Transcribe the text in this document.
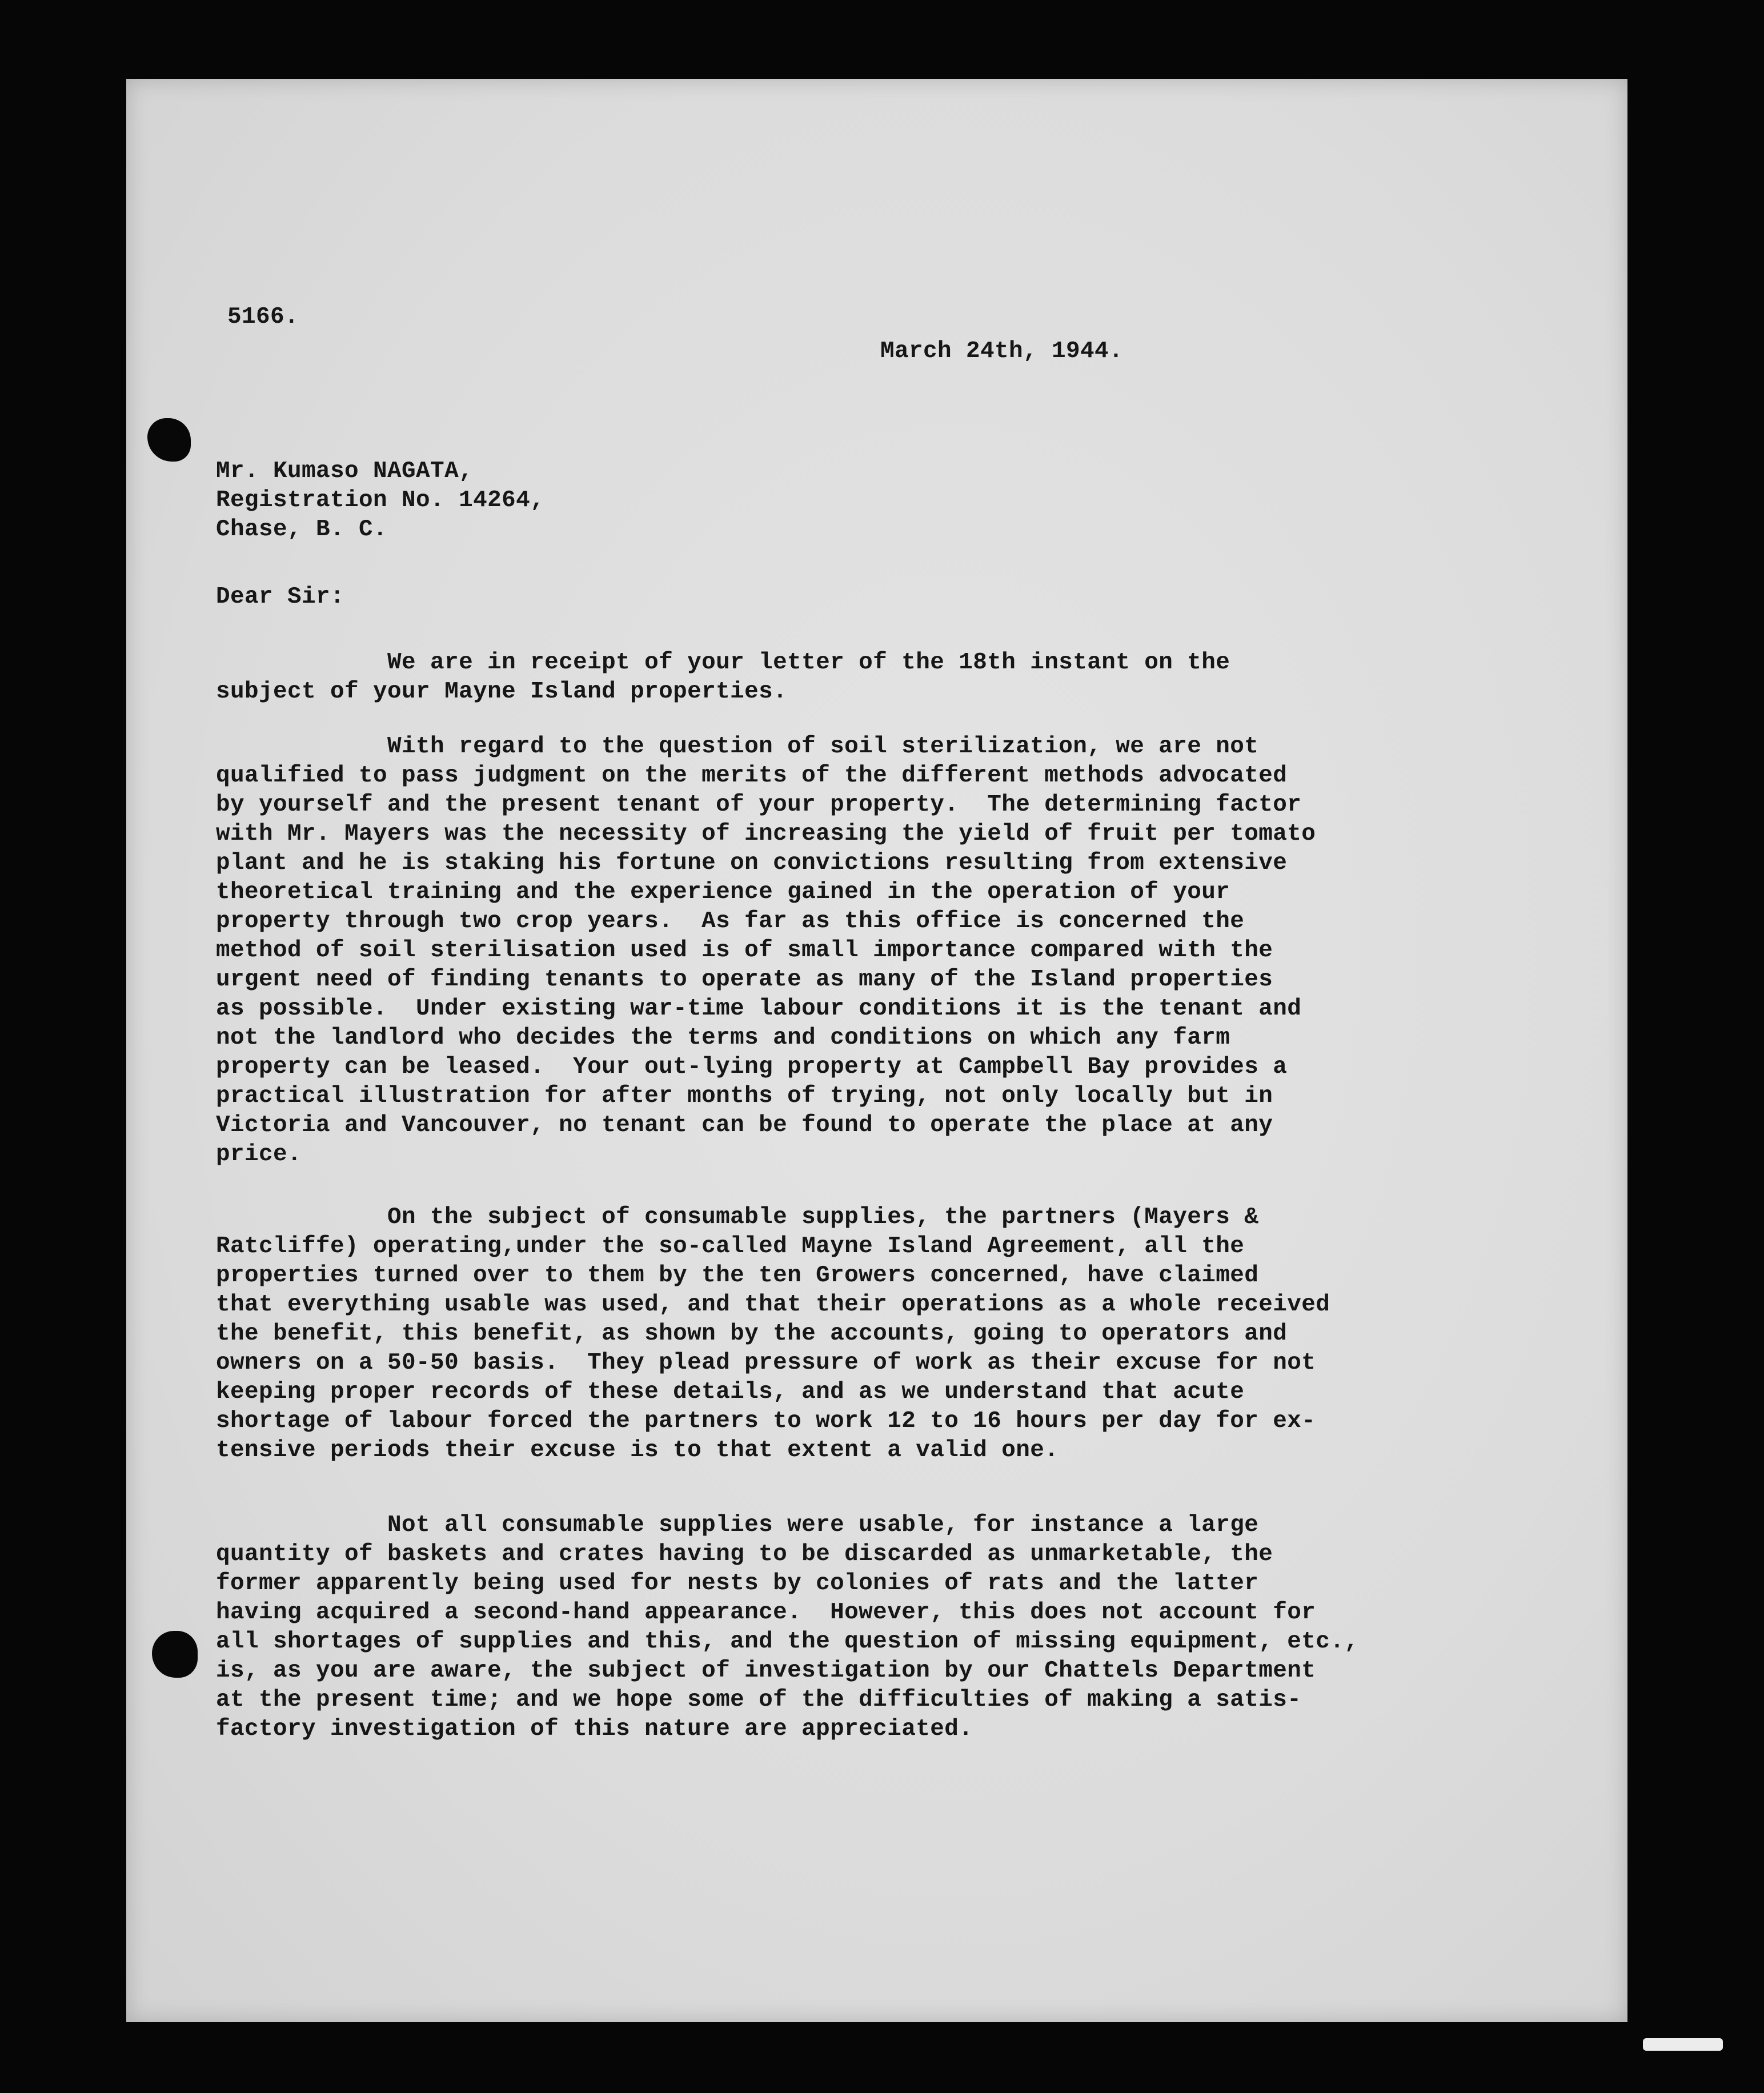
5166.

March 24th, 1944.

Mr. Kumaso NAGATA,
Registration No. 14264,
Chase, B. C.

Dear Sir:

We are in receipt of your letter of the 18th instant on the
subject of your Mayne Island properties.
With regard to the question of soil sterilization, we are not
qualified to pass judgment on the merits of the different methods advocated
by yourself and the present tenant of your property.  The determining factor
with Mr. Mayers was the necessity of increasing the yield of fruit per tomato
plant and he is staking his fortune on convictions resulting from extensive
theoretical training and the experience gained in the operation of your
property through two crop years.  As far as this office is concerned the
method of soil sterilisation used is of small importance compared with the
urgent need of finding tenants to operate as many of the Island properties
as possible.  Under existing war-time labour conditions it is the tenant and
not the landlord who decides the terms and conditions on which any farm
property can be leased.  Your out-lying property at Campbell Bay provides a
practical illustration for after months of trying, not only locally but in
Victoria and Vancouver, no tenant can be found to operate the place at any
price.
On the subject of consumable supplies, the partners (Mayers &
Ratcliffe) operating,under the so-called Mayne Island Agreement, all the
properties turned over to them by the ten Growers concerned, have claimed
that everything usable was used, and that their operations as a whole received
the benefit, this benefit, as shown by the accounts, going to operators and
owners on a 50-50 basis.  They plead pressure of work as their excuse for not
keeping proper records of these details, and as we understand that acute
shortage of labour forced the partners to work 12 to 16 hours per day for ex-
tensive periods their excuse is to that extent a valid one.
Not all consumable supplies were usable, for instance a large
quantity of baskets and crates having to be discarded as unmarketable, the
former apparently being used for nests by colonies of rats and the latter
having acquired a second-hand appearance.  However, this does not account for
all shortages of supplies and this, and the question of missing equipment, etc.,
is, as you are aware, the subject of investigation by our Chattels Department
at the present time; and we hope some of the difficulties of making a satis-
factory investigation of this nature are appreciated.
